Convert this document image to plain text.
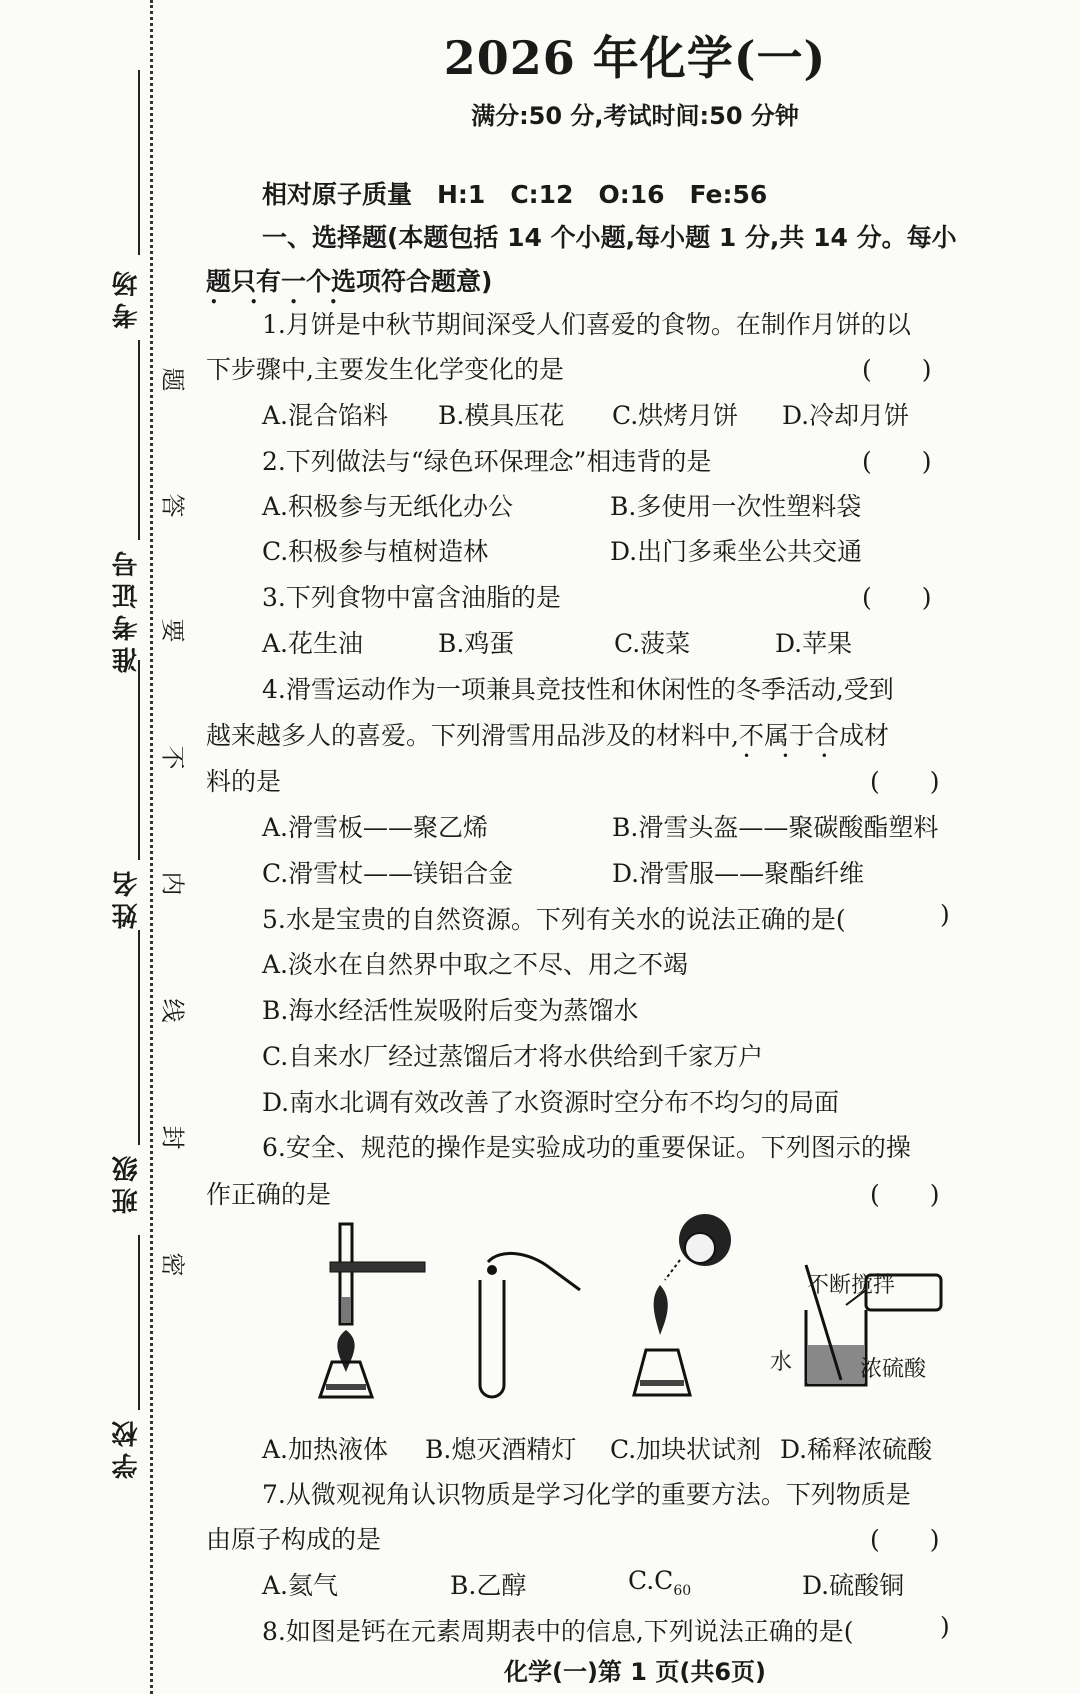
考场
准考证号
姓名
班级
学校
题
答
要
不
内
线
封
密
2026 年化学(一)
满分:50 分,考试时间:50 分钟
相对原子质量　H:1　C:12　O:16　Fe:56
一、选择题(本题包括 14 个小题,每小题 1 分,共 14 分。每小
题只有一个选项符合题意) • • • •
1.月饼是中秋节期间深受人们喜爱的食物。在制作月饼的以
下步骤中,主要发生化学变化的是	(　　)
A.混合馅料 B.模具压花 C.烘烤月饼 D.冷却月饼
2.下列做法与“绿色环保理念”相违背的是	(　　)
A.积极参与无纸化办公	B.多使用一次性塑料袋
C.积极参与植树造林	D.出门多乘坐公共交通
3.下列食物中富含油脂的是	(　　)
A.花生油	B.鸡蛋	C.菠菜	D.苹果
4.滑雪运动作为一项兼具竞技性和休闲性的冬季活动,受到
越来越多人的喜爱。下列滑雪用品涉及的材料中,不属于 • • •合成材
料的是	(　　)
A.滑雪板——聚乙烯	B.滑雪头盔——聚碳酸酯塑料
C.滑雪杖——镁铝合金	D.滑雪服——聚酯纤维
5.水是宝贵的自然资源。下列有关水的说法正确的是(	)
A.淡水在自然界中取之不尽、用之不竭
B.海水经活性炭吸附后变为蒸馏水
C.自来水厂经过蒸馏后才将水供给到千家万户
D.南水北调有效改善了水资源时空分布不均匀的局面
6.安全、规范的操作是实验成功的重要保证。下列图示的操
作正确的是	(　　)
不断搅拌
水	浓硫酸
A.加热液体 B.熄灭酒精灯 C.加块状试剂 D.稀释浓硫酸
7.从微观视角认识物质是学习化学的重要方法。下列物质是
由原子构成的是	(　　)
A.氦气	B.乙醇	$C.C_{60}$	D.硫酸铜
8.如图是钙在元素周期表中的信息,下列说法正确的是(	)
化学(一)第 1 页(共6页)
